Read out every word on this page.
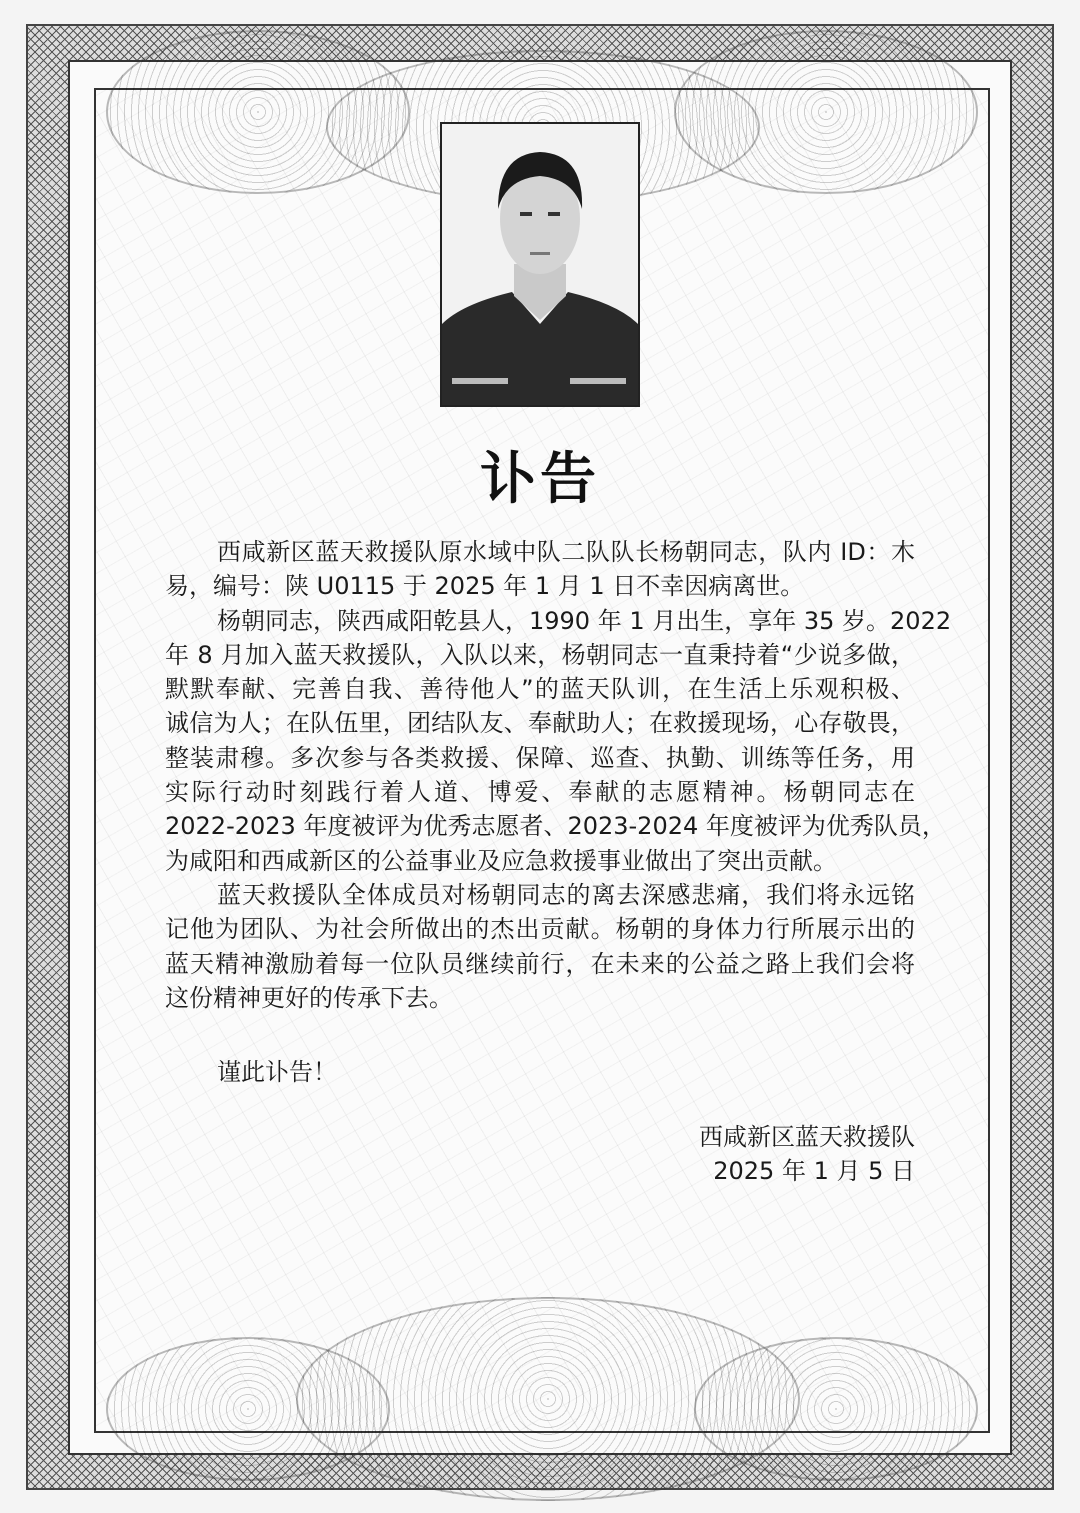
讣告
西咸新区蓝天救援队原水域中队二队队长杨朝同志，队内 ID：木
易，编号：陕 U0115 于 2025 年 1 月 1 日不幸因病离世。
杨朝同志，陕西咸阳乾县人，1990 年 1 月出生，享年 35 岁。2022
年 8 月加入蓝天救援队，入队以来，杨朝同志一直秉持着“少说多做，
默默奉献、完善自我、善待他人”的蓝天队训，在生活上乐观积极、
诚信为人；在队伍里，团结队友、奉献助人；在救援现场，心存敬畏，
整装肃穆。多次参与各类救援、保障、巡查、执勤、训练等任务，用
实际行动时刻践行着人道、博爱、奉献的志愿精神。杨朝同志在
2022-2023 年度被评为优秀志愿者、2023-2024 年度被评为优秀队员，
为咸阳和西咸新区的公益事业及应急救援事业做出了突出贡献。
蓝天救援队全体成员对杨朝同志的离去深感悲痛，我们将永远铭
记他为团队、为社会所做出的杰出贡献。杨朝的身体力行所展示出的
蓝天精神激励着每一位队员继续前行，在未来的公益之路上我们会将
这份精神更好的传承下去。
谨此讣告！
西咸新区蓝天救援队
2025 年 1 月 5 日
